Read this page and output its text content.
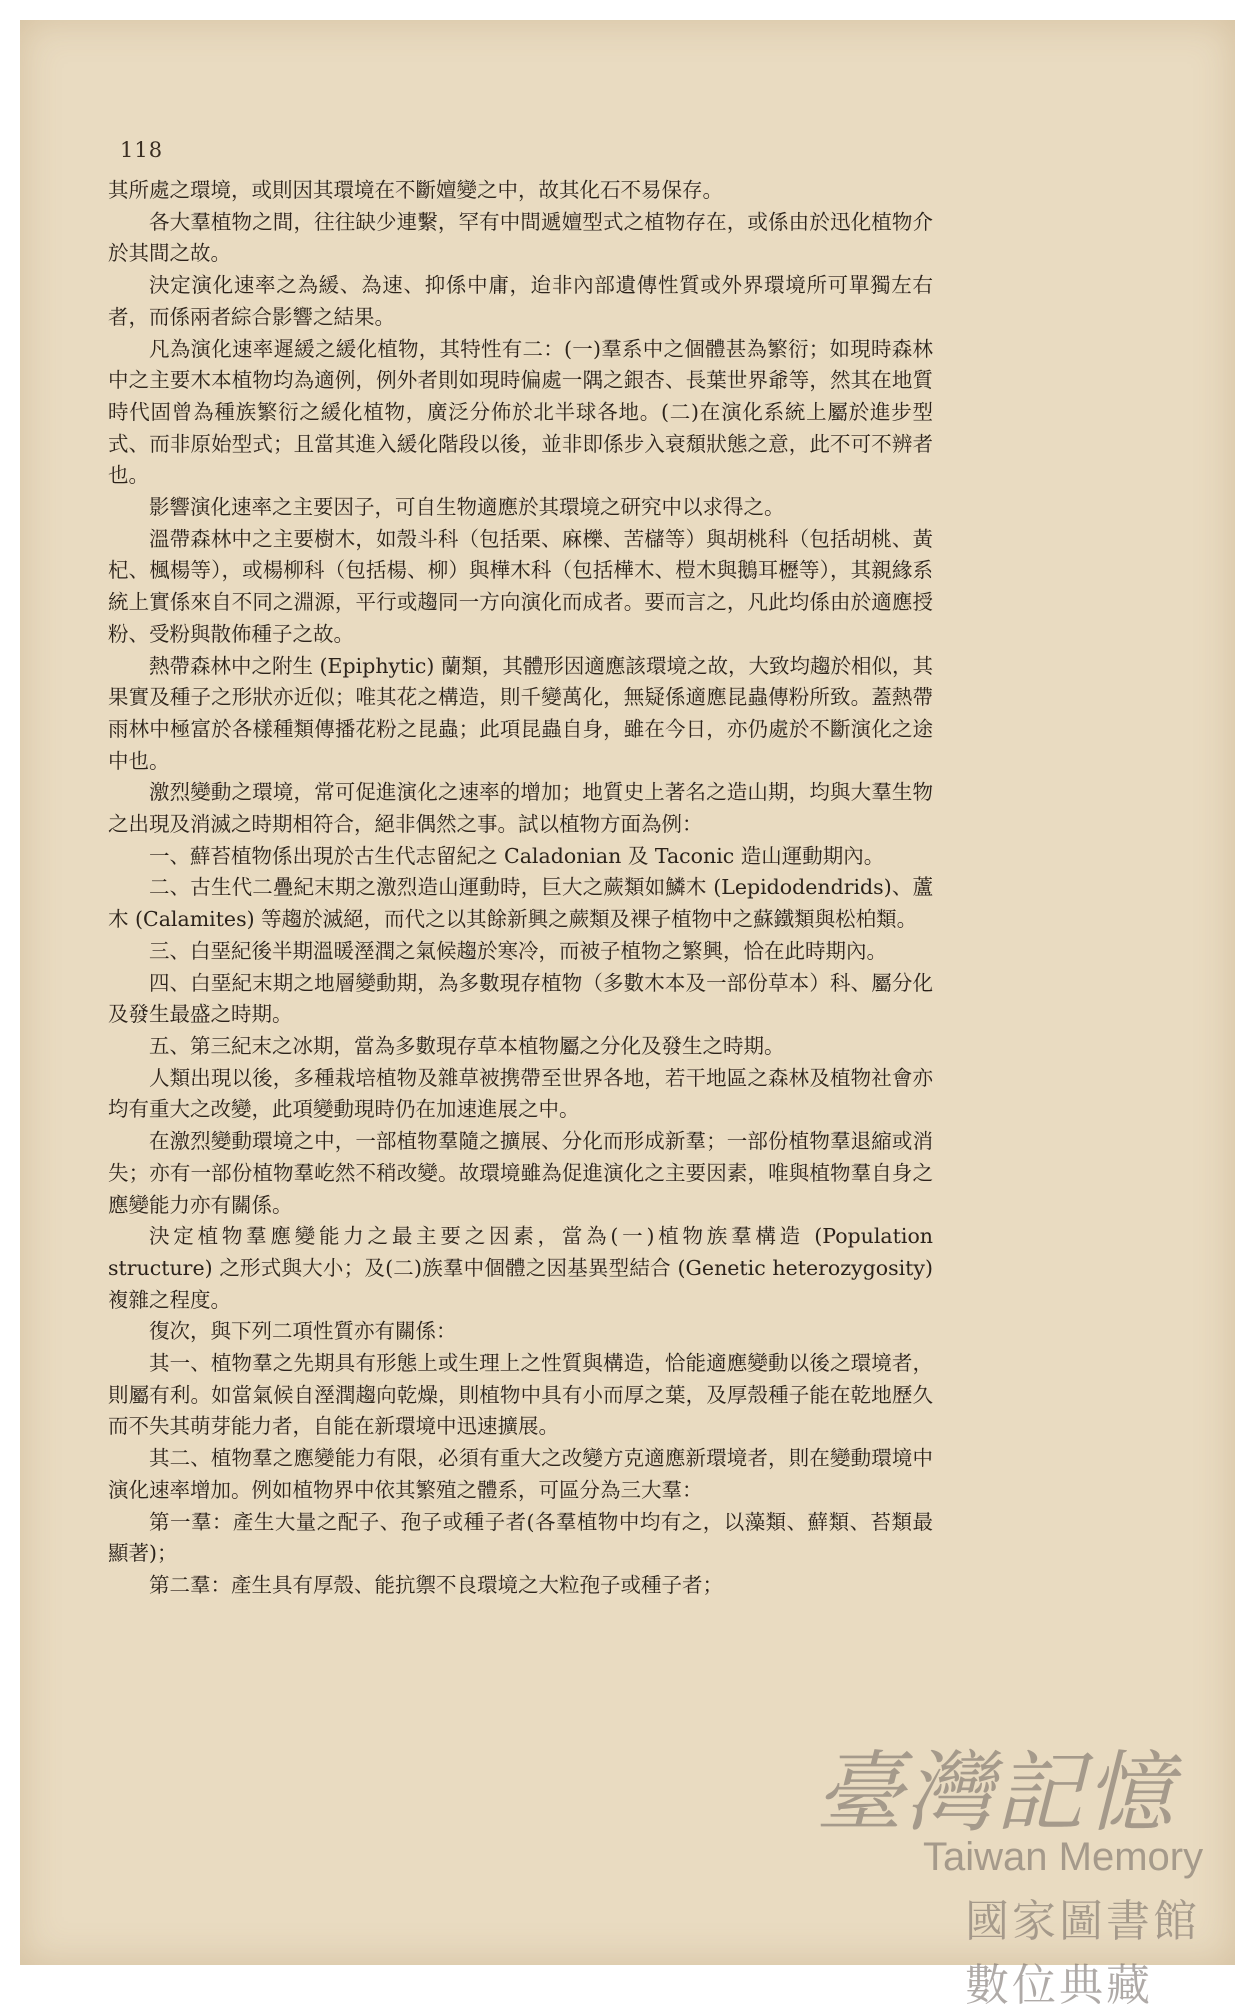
118

其所處之環境，或則因其環境在不斷嬗變之中，故其化石不易保存。

各大羣植物之間，往往缺少連繫，罕有中間遞嬗型式之植物存在，或係由於迅化植物介於其間之故。

決定演化速率之為緩、為速、抑係中庸，迨非內部遺傳性質或外界環境所可單獨左右者，而係兩者綜合影響之結果。

凡為演化速率遲緩之緩化植物，其特性有二：(一)羣系中之個體甚為繁衍；如現時森林中之主要木本植物均為適例，例外者則如現時偏處一隅之銀杏、長葉世界爺等，然其在地質時代固曾為種族繁衍之緩化植物，廣泛分佈於北半球各地。(二)在演化系統上屬於進步型式、而非原始型式；且當其進入緩化階段以後，並非即係步入衰頹狀態之意，此不可不辨者也。

影響演化速率之主要因子，可自生物適應於其環境之研究中以求得之。

溫帶森林中之主要樹木，如殼斗科（包括栗、麻櫟、苦櫧等）與胡桃科（包括胡桃、黃杞、楓楊等），或楊柳科（包括楊、柳）與樺木科（包括樺木、榿木與鵝耳櫪等），其親緣系統上實係來自不同之淵源，平行或趨同一方向演化而成者。要而言之，凡此均係由於適應授粉、受粉與散佈種子之故。

熱帶森林中之附生 (Epiphytic) 蘭類，其體形因適應該環境之故，大致均趨於相似，其果實及種子之形狀亦近似；唯其花之構造，則千變萬化，無疑係適應昆蟲傳粉所致。蓋熱帶雨林中極富於各樣種類傳播花粉之昆蟲；此項昆蟲自身，雖在今日，亦仍處於不斷演化之途中也。

激烈變動之環境，常可促進演化之速率的增加；地質史上著名之造山期，均與大羣生物之出現及消滅之時期相符合，絕非偶然之事。試以植物方面為例：

一、蘚苔植物係出現於古生代志留紀之 Caladonian 及 Taconic 造山運動期內。

二、古生代二疊紀末期之激烈造山運動時，巨大之蕨類如鱗木 (Lepidodendrids)、蘆木 (Calamites) 等趨於滅絕，而代之以其餘新興之蕨類及裸子植物中之蘇鐵類與松柏類。

三、白堊紀後半期溫暖溼潤之氣候趨於寒冷，而被子植物之繁興，恰在此時期內。

四、白堊紀末期之地層變動期，為多數現存植物（多數木本及一部份草本）科、屬分化及發生最盛之時期。

五、第三紀末之冰期，當為多數現存草本植物屬之分化及發生之時期。

人類出現以後，多種栽培植物及雜草被携帶至世界各地，若干地區之森林及植物社會亦均有重大之改變，此項變動現時仍在加速進展之中。

在激烈變動環境之中，一部植物羣隨之擴展、分化而形成新羣；一部份植物羣退縮或消失；亦有一部份植物羣屹然不稍改變。故環境雖為促進演化之主要因素，唯與植物羣自身之應變能力亦有關係。

決定植物羣應變能力之最主要之因素，當為(一)植物族羣構造 (Population structure) 之形式與大小；及(二)族羣中個體之因基異型結合 (Genetic heterozygosity) 複雜之程度。

復次，與下列二項性質亦有關係：

其一、植物羣之先期具有形態上或生理上之性質與構造，恰能適應變動以後之環境者，則屬有利。如當氣候自溼潤趨向乾燥，則植物中具有小而厚之葉，及厚殼種子能在乾地歷久而不失其萌芽能力者，自能在新環境中迅速擴展。

其二、植物羣之應變能力有限，必須有重大之改變方克適應新環境者，則在變動環境中演化速率增加。例如植物界中依其繁殖之體系，可區分為三大羣：

第一羣：產生大量之配子、孢子或種子者(各羣植物中均有之，以藻類、蘚類、苔類最顯著)；

第二羣：產生具有厚殼、能抗禦不良環境之大粒孢子或種子者；

臺灣記憶
Taiwan Memory
國家圖書館數位典藏
